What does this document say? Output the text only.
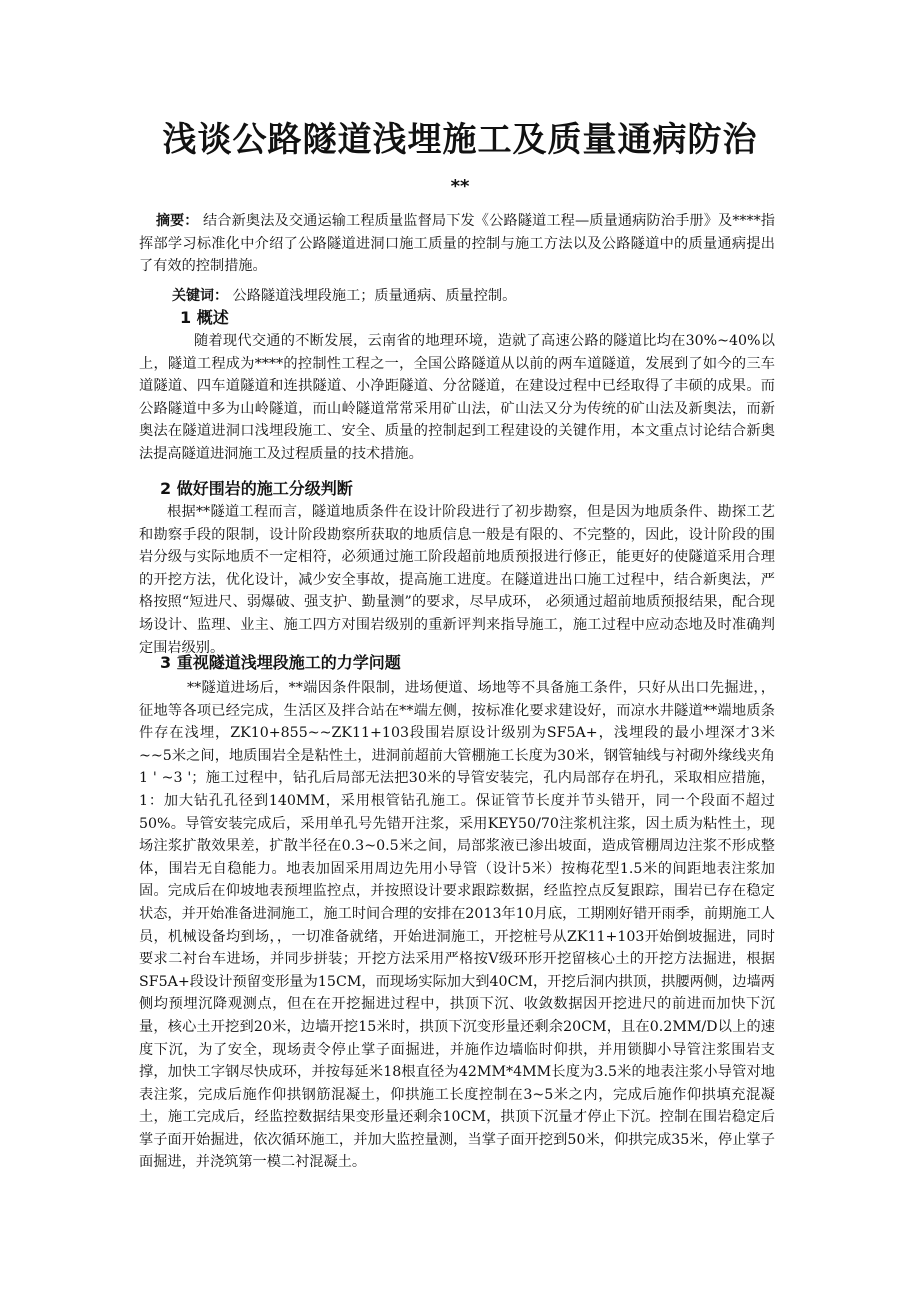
浅谈公路隧道浅埋施工及质量通病防治
**
摘要： 结合新奥法及交通运输工程质量监督局下发《公路隧道工程—质量通病防治手册》及****指挥部学习标准化中介绍了公路隧道进洞口施工质量的控制与施工方法以及公路隧道中的质量通病提出了有效的控制措施。
关键词： 公路隧道浅埋段施工；质量通病、质量控制。
1 概述
随着现代交通的不断发展，云南省的地理环境，造就了高速公路的隧道比均在30%~40%以上，隧道工程成为****的控制性工程之一，全国公路隧道从以前的两车道隧道，发展到了如今的三车道隧道、四车道隧道和连拱隧道、小净距隧道、分岔隧道，在建设过程中已经取得了丰硕的成果。而公路隧道中多为山岭隧道，而山岭隧道常常采用矿山法，矿山法又分为传统的矿山法及新奥法，而新奥法在隧道进洞口浅埋段施工、安全、质量的控制起到工程建设的关键作用，本文重点讨论结合新奥法提高隧道进洞施工及过程质量的技术措施。
2 做好围岩的施工分级判断
根据**隧道工程而言，隧道地质条件在设计阶段进行了初步勘察，但是因为地质条件、勘探工艺和勘察手段的限制，设计阶段勘察所获取的地质信息一般是有限的、不完整的，因此，设计阶段的围岩分级与实际地质不一定相符，必须通过施工阶段超前地质预报进行修正，能更好的使隧道采用合理的开挖方法，优化设计，减少安全事故，提高施工进度。在隧道进出口施工过程中，结合新奥法，严格按照“短进尺、弱爆破、强支护、勤量测”的要求，尽早成环， 必须通过超前地质预报结果，配合现场设计、监理、业主、施工四方对围岩级别的重新评判来指导施工，施工过程中应动态地及时准确判定围岩级别。
3 重视隧道浅埋段施工的力学问题
**隧道进场后，**端因条件限制，进场便道、场地等不具备施工条件，只好从出口先掘进，，征地等各项已经完成，生活区及拌合站在**端左侧，按标准化要求建设好，而凉水井隧道**端地质条件存在浅埋，ZK10+855~~ZK11+103段围岩原设计级别为SF5A+，浅埋段的最小埋深才3米~~5米之间，地质围岩全是粘性土，进洞前超前大管棚施工长度为30米，钢管轴线与衬砌外缘线夹角1 ' ~3 '；施工过程中，钻孔后局部无法把30米的导管安装完，孔内局部存在坍孔，采取相应措施，1：加大钻孔孔径到140MM，采用根管钻孔施工。保证管节长度并节头错开，同一个段面不超过50%。导管安装完成后，采用单孔号先错开注浆，采用KEY50/70注浆机注浆，因土质为粘性土，现场注浆扩散效果差，扩散半径在0.3~0.5米之间，局部浆液已渗出坡面，造成管棚周边注浆不形成整体，围岩无自稳能力。地表加固采用周边先用小导管（设计5米）按梅花型1.5米的间距地表注浆加固。完成后在仰坡地表预埋监控点，并按照设计要求跟踪数据，经监控点反复跟踪，围岩已存在稳定状态，并开始准备进洞施工，施工时间合理的安排在2013年10月底，工期刚好错开雨季，前期施工人员，机械设备均到场，，一切准备就绪，开始进洞施工，开挖桩号从ZK11+103开始倒坡掘进，同时要求二衬台车进场，并同步拼装；开挖方法采用严格按V级环形开挖留核心土的开挖方法掘进，根据SF5A+段设计预留变形量为15CM，而现场实际加大到40CM，开挖后洞内拱顶，拱腰两侧，边墙两侧均预埋沉降观测点，但在在开挖掘进过程中，拱顶下沉、收敛数据因开挖进尺的前进而加快下沉量，核心土开挖到20米，边墙开挖15米时，拱顶下沉变形量还剩余20CM，且在0.2MM/D以上的速度下沉，为了安全，现场责令停止掌子面掘进，并施作边墙临时仰拱，并用锁脚小导管注浆围岩支撑，加快工字钢尽快成环，并按每延米18根直径为42MM*4MM长度为3.5米的地表注浆小导管对地表注浆，完成后施作仰拱钢筋混凝土，仰拱施工长度控制在3~5米之内，完成后施作仰拱填充混凝土，施工完成后，经监控数据结果变形量还剩余10CM，拱顶下沉量才停止下沉。控制在围岩稳定后掌子面开始掘进，依次循环施工，并加大监控量测，当掌子面开挖到50米，仰拱完成35米，停止掌子面掘进，并浇筑第一模二衬混凝土。
